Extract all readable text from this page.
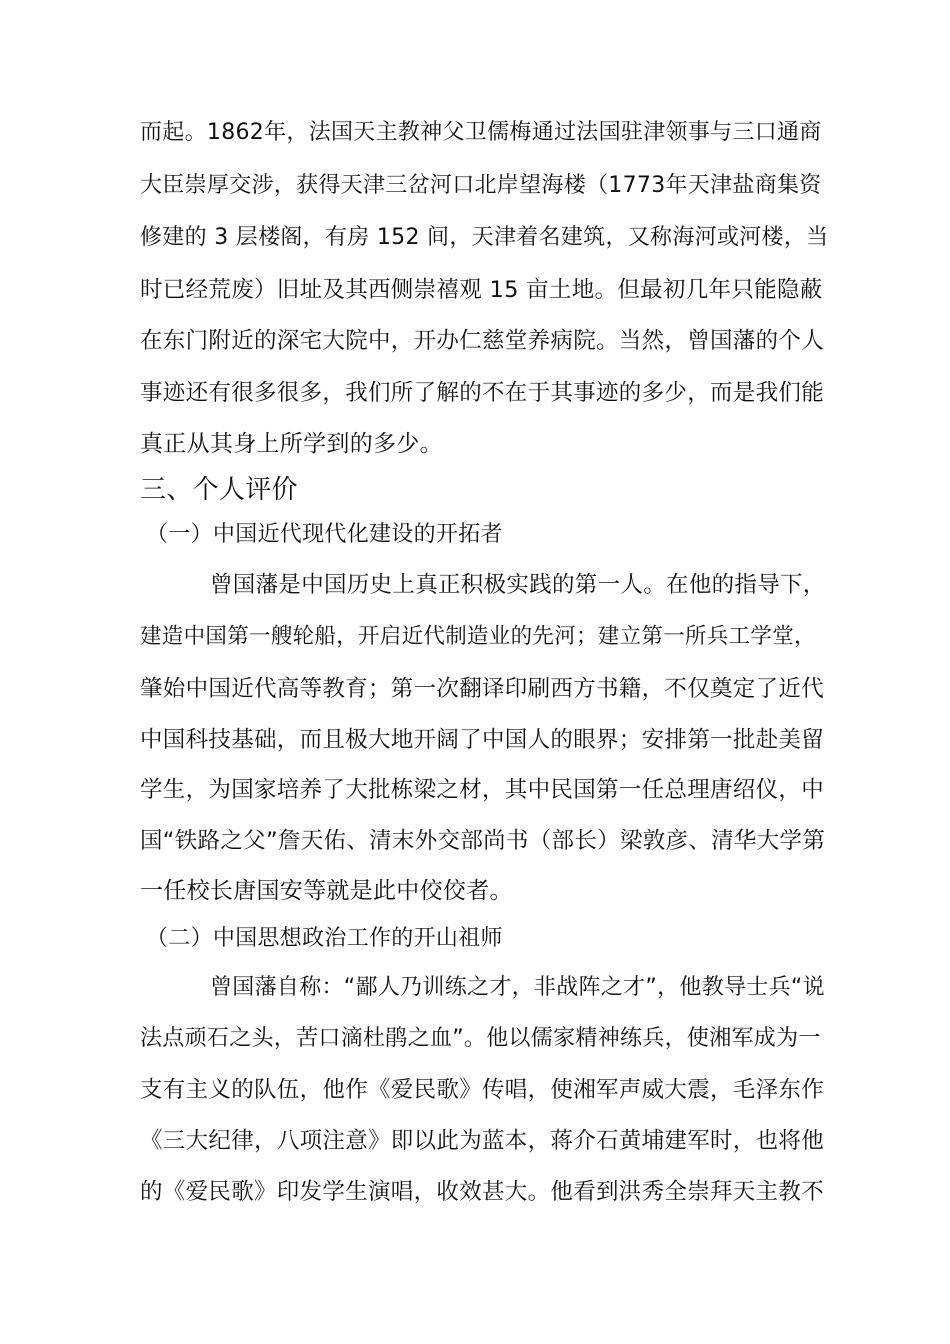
而起。1862年，法国天主教神父卫儒梅通过法国驻津领事与三口通商
大臣崇厚交涉，获得天津三岔河口北岸望海楼（1773年天津盐商集资
修建的 3 层楼阁，有房 152 间，天津着名建筑，又称海河或河楼，当
时已经荒废）旧址及其西侧崇禧观 15 亩土地。但最初几年只能隐蔽
在东门附近的深宅大院中，开办仁慈堂养病院。当然，曾国藩的个人
事迹还有很多很多，我们所了解的不在于其事迹的多少，而是我们能
真正从其身上所学到的多少。
三、个人评价
（一）中国近代现代化建设的开拓者
曾国藩是中国历史上真正积极实践的第一人。在他的指导下，
建造中国第一艘轮船，开启近代制造业的先河；建立第一所兵工学堂，
肇始中国近代高等教育；第一次翻译印刷西方书籍，不仅奠定了近代
中国科技基础，而且极大地开阔了中国人的眼界；安排第一批赴美留
学生，为国家培养了大批栋梁之材，其中民国第一任总理唐绍仪，中
国“铁路之父”詹天佑、清末外交部尚书（部长）梁敦彦、清华大学第
一任校长唐国安等就是此中佼佼者。
（二）中国思想政治工作的开山祖师
曾国藩自称：“鄙人乃训练之才，非战阵之才”，他教导士兵“说
法点顽石之头，苦口滴杜鹃之血”。他以儒家精神练兵，使湘军成为一
支有主义的队伍，他作《爱民歌》传唱，使湘军声威大震，毛泽东作
《三大纪律，八项注意》即以此为蓝本，蒋介石黄埔建军时，也将他
的《爱民歌》印发学生演唱，收效甚大。他看到洪秀全崇拜天主教不
